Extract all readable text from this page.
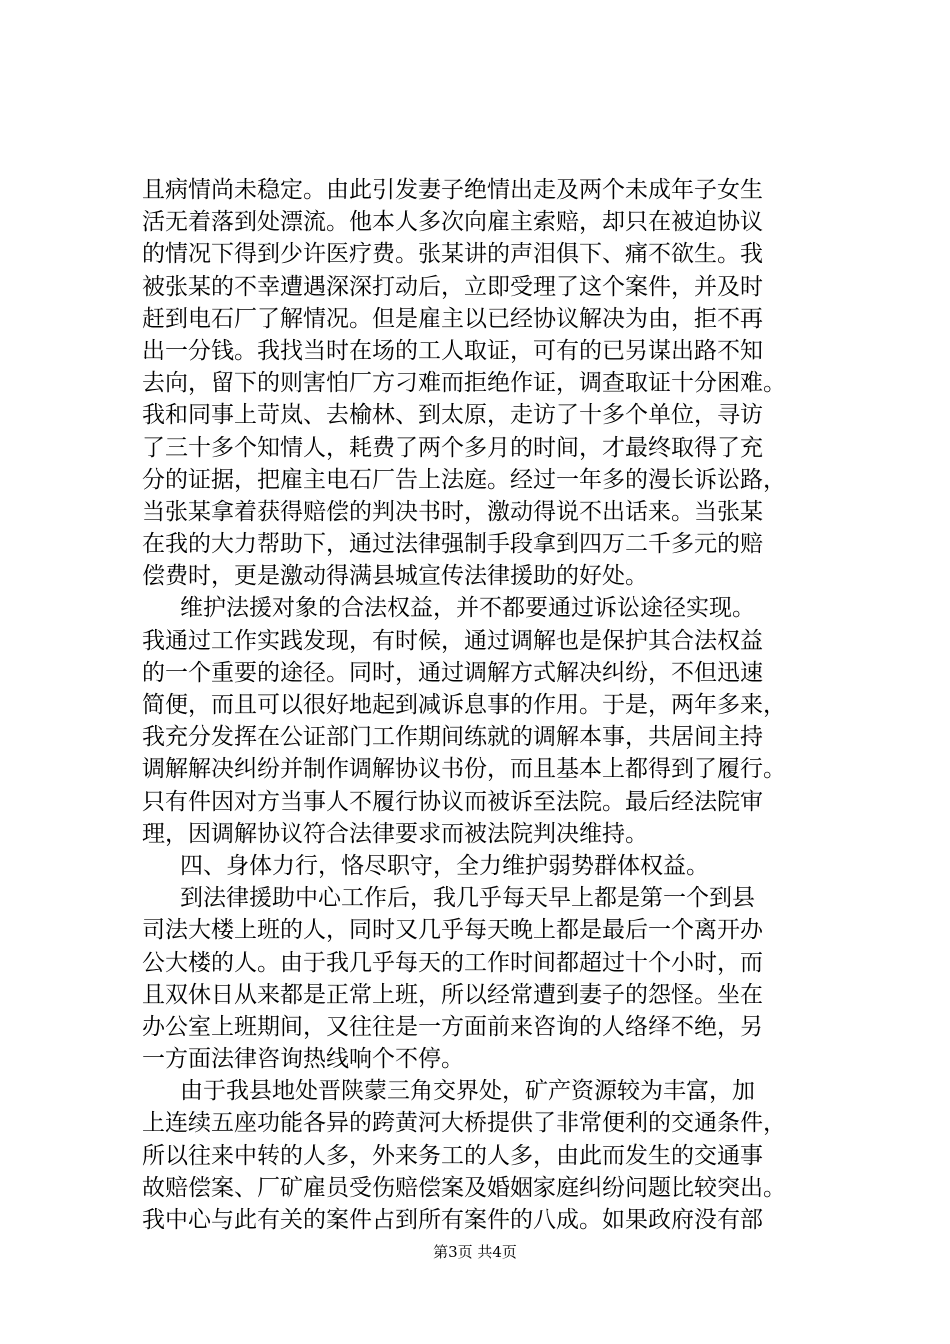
且病情尚未稳定。由此引发妻子绝情出走及两个未成年子女生
活无着落到处漂流。他本人多次向雇主索赔，却只在被迫协议
的情况下得到少许医疗费。张某讲的声泪俱下、痛不欲生。我
被张某的不幸遭遇深深打动后，立即受理了这个案件，并及时
赶到电石厂了解情况。但是雇主以已经协议解决为由，拒不再
出一分钱。我找当时在场的工人取证，可有的已另谋出路不知
去向，留下的则害怕厂方刁难而拒绝作证，调查取证十分困难。
我和同事上苛岚、去榆林、到太原，走访了十多个单位，寻访
了三十多个知情人，耗费了两个多月的时间，才最终取得了充
分的证据，把雇主电石厂告上法庭。经过一年多的漫长诉讼路，
当张某拿着获得赔偿的判决书时，激动得说不出话来。当张某
在我的大力帮助下，通过法律强制手段拿到四万二千多元的赔
偿费时，更是激动得满县城宣传法律援助的好处。
维护法援对象的合法权益，并不都要通过诉讼途径实现。
我通过工作实践发现，有时候，通过调解也是保护其合法权益
的一个重要的途径。同时，通过调解方式解决纠纷，不但迅速
简便，而且可以很好地起到减诉息事的作用。于是，两年多来，
我充分发挥在公证部门工作期间练就的调解本事，共居间主持
调解解决纠纷并制作调解协议书份，而且基本上都得到了履行。
只有件因对方当事人不履行协议而被诉至法院。最后经法院审
理，因调解协议符合法律要求而被法院判决维持。
四、身体力行，恪尽职守，全力维护弱势群体权益。
到法律援助中心工作后，我几乎每天早上都是第一个到县
司法大楼上班的人，同时又几乎每天晚上都是最后一个离开办
公大楼的人。由于我几乎每天的工作时间都超过十个小时，而
且双休日从来都是正常上班，所以经常遭到妻子的怨怪。坐在
办公室上班期间，又往往是一方面前来咨询的人络绎不绝，另
一方面法律咨询热线响个不停。
由于我县地处晋陕蒙三角交界处，矿产资源较为丰富，加
上连续五座功能各异的跨黄河大桥提供了非常便利的交通条件，
所以往来中转的人多，外来务工的人多，由此而发生的交通事
故赔偿案、厂矿雇员受伤赔偿案及婚姻家庭纠纷问题比较突出。
我中心与此有关的案件占到所有案件的八成。如果政府没有部
第3页 共4页
